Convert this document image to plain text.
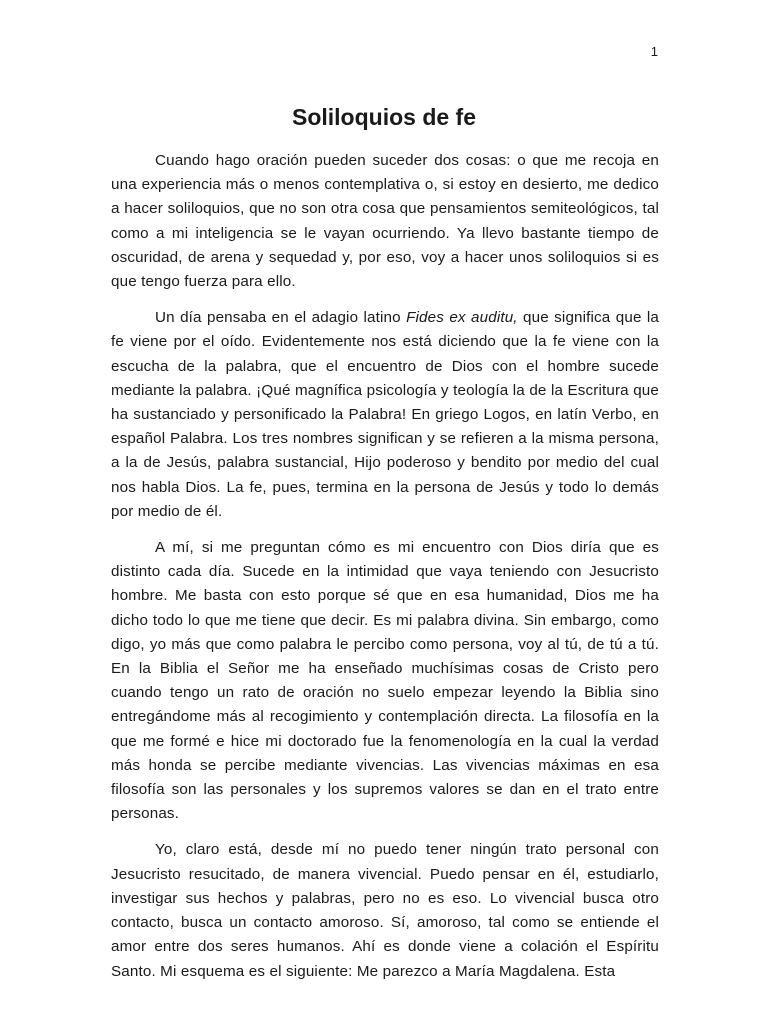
1

Soliloquios de fe

Cuando hago oración pueden suceder dos cosas: o que me recoja en una experiencia más o menos contemplativa o, si estoy en desierto, me dedico a hacer soliloquios, que no son otra cosa que pensamientos semiteológicos, tal como a mi inteligencia se le vayan ocurriendo. Ya llevo bastante tiempo de oscuridad, de arena y sequedad y, por eso, voy a hacer unos soliloquios si es que tengo fuerza para ello.

Un día pensaba en el adagio latino Fides ex auditu, que significa que la fe viene por el oído. Evidentemente nos está diciendo que la fe viene con la escucha de la palabra, que el encuentro de Dios con el hombre sucede mediante la palabra. ¡Qué magnífica psicología y teología la de la Escritura que ha sustanciado y personificado la Palabra! En griego Logos, en latín Verbo, en español Palabra. Los tres nombres significan y se refieren a la misma persona, a la de Jesús, palabra sustancial, Hijo poderoso y bendito por medio del cual nos habla Dios. La fe, pues, termina en la persona de Jesús y todo lo demás por medio de él.

A mí, si me preguntan cómo es mi encuentro con Dios diría que es distinto cada día. Sucede en la intimidad que vaya teniendo con Jesucristo hombre. Me basta con esto porque sé que en esa humanidad, Dios me ha dicho todo lo que me tiene que decir. Es mi palabra divina. Sin embargo, como digo, yo más que como palabra le percibo como persona, voy al tú, de tú a tú. En la Biblia el Señor me ha enseñado muchísimas cosas de Cristo pero cuando tengo un rato de oración no suelo empezar leyendo la Biblia sino entregándome más al recogimiento y contemplación directa. La filosofía en la que me formé e hice mi doctorado fue la fenomenología en la cual la verdad más honda se percibe mediante vivencias. Las vivencias máximas en esa filosofía son las personales y los supremos valores se dan en el trato entre personas.

Yo, claro está, desde mí no puedo tener ningún trato personal con Jesucristo resucitado, de manera vivencial. Puedo pensar en él, estudiarlo, investigar sus hechos y palabras, pero no es eso. Lo vivencial busca otro contacto, busca un contacto amoroso. Sí, amoroso, tal como se entiende el amor entre dos seres humanos. Ahí es donde viene a colación el Espíritu Santo. Mi esquema es el siguiente: Me parezco a María Magdalena. Esta
